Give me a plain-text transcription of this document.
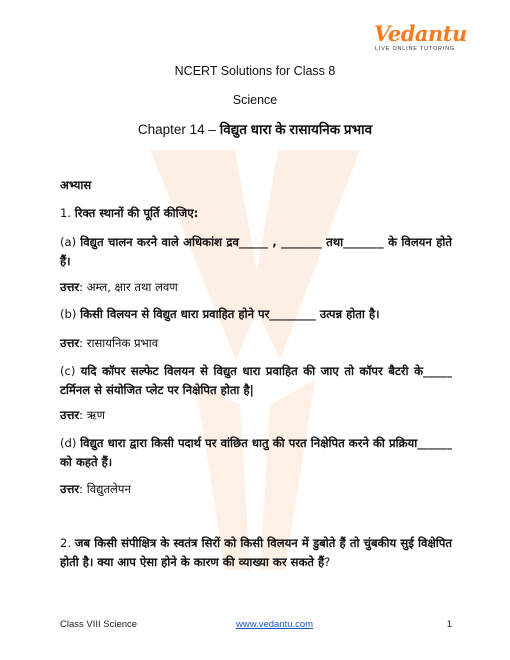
Vedantu
LIVE ONLINE TUTORING
NCERT Solutions for Class 8
Science
Chapter 14 – विद्युत धारा के रासायनिक प्रभाव

अभ्यास

1. रिक्त स्थानों की पूर्ति कीजिए:

(a) विद्युत चालन करने वाले अधिकांश द्रव_____ , _______ तथा_______ के विलयन होते हैं।

उत्तर: अम्ल, क्षार तथा लवण

(b) किसी विलयन से विद्युत धारा प्रवाहित होने पर________ उत्पन्न होता है।

उत्तर: रासायनिक प्रभाव

(c) यदि कॉपर सल्फेट विलयन से विद्युत धारा प्रवाहित की जाए तो कॉपर बैटरी के_____ टर्मिनल से संयोजित प्लेट पर निक्षेपित होता है|

उत्तर: ऋण

(d) विद्युत धारा द्वारा किसी पदार्थ पर वांछित धातु की परत निक्षेपित करने की प्रक्रिया______ को कहते हैं।

उत्तर: विद्युतलेपन

2. जब किसी संपीक्षित्र के स्वतंत्र सिरों को किसी विलयन में डुबोते हैं तो चुंबकीय सुई विक्षेपित होती है। क्या आप ऐसा होने के कारण की व्याख्या कर सकते हैं?

Class VIII Science	www.vedantu.com	1
